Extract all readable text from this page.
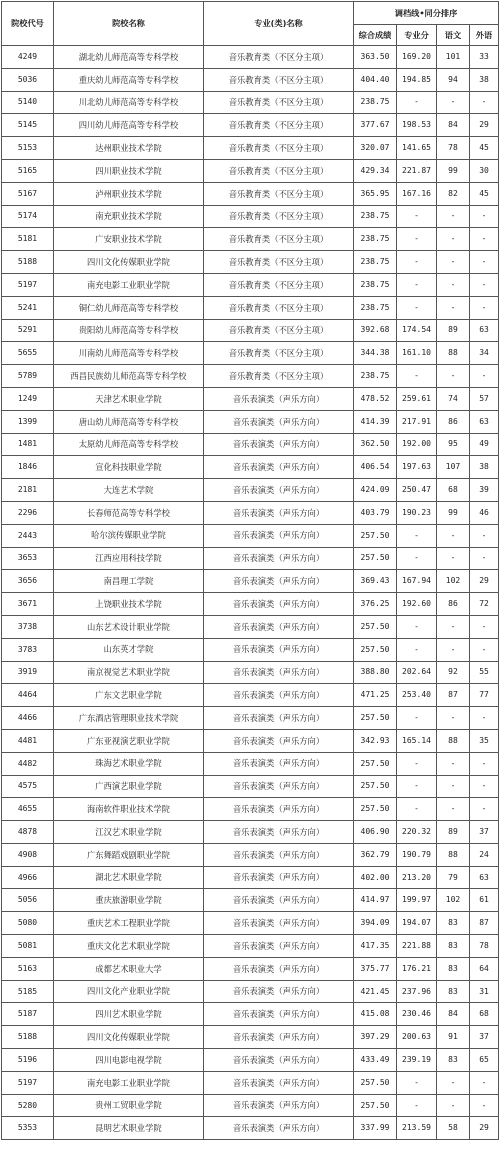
院校代号	院校名称	专业(类)名称	调档线•同分排序			
			综合成绩	专业分	语文	外语
4249	湖北幼儿师范高等专科学校	音乐教育类（不区分主项）	363.50	169.20	101	33
5036	重庆幼儿师范高等专科学校	音乐教育类（不区分主项）	404.40	194.85	94	38
5140	川北幼儿师范高等专科学校	音乐教育类（不区分主项）	238.75	-	-	-
5145	四川幼儿师范高等专科学校	音乐教育类（不区分主项）	377.67	198.53	84	29
5153	达州职业技术学院	音乐教育类（不区分主项）	320.07	141.65	78	45
5165	四川职业技术学院	音乐教育类（不区分主项）	429.34	221.87	99	30
5167	泸州职业技术学院	音乐教育类（不区分主项）	365.95	167.16	82	45
5174	南充职业技术学院	音乐教育类（不区分主项）	238.75	-	-	-
5181	广安职业技术学院	音乐教育类（不区分主项）	238.75	-	-	-
5188	四川文化传媒职业学院	音乐教育类（不区分主项）	238.75	-	-	-
5197	南充电影工业职业学院	音乐教育类（不区分主项）	238.75	-	-	-
5241	铜仁幼儿师范高等专科学校	音乐教育类（不区分主项）	238.75	-	-	-
5291	贵阳幼儿师范高等专科学校	音乐教育类（不区分主项）	392.68	174.54	89	63
5655	川南幼儿师范高等专科学校	音乐教育类（不区分主项）	344.38	161.10	88	34
5789	西昌民族幼儿师范高等专科学校	音乐教育类（不区分主项）	238.75	-	-	-
1249	天津艺术职业学院	音乐表演类（声乐方向）	478.52	259.61	74	57
1399	唐山幼儿师范高等专科学校	音乐表演类（声乐方向）	414.39	217.91	86	63
1481	太原幼儿师范高等专科学校	音乐表演类（声乐方向）	362.50	192.00	95	49
1846	宣化科技职业学院	音乐表演类（声乐方向）	406.54	197.63	107	38
2181	大连艺术学院	音乐表演类（声乐方向）	424.09	250.47	68	39
2296	长春师范高等专科学校	音乐表演类（声乐方向）	403.79	190.23	99	46
2443	哈尔滨传媒职业学院	音乐表演类（声乐方向）	257.50	-	-	-
3653	江西应用科技学院	音乐表演类（声乐方向）	257.50	-	-	-
3656	南昌理工学院	音乐表演类（声乐方向）	369.43	167.94	102	29
3671	上饶职业技术学院	音乐表演类（声乐方向）	376.25	192.60	86	72
3738	山东艺术设计职业学院	音乐表演类（声乐方向）	257.50	-	-	-
3783	山东英才学院	音乐表演类（声乐方向）	257.50	-	-	-
3919	南京视觉艺术职业学院	音乐表演类（声乐方向）	388.80	202.64	92	55
4464	广东文艺职业学院	音乐表演类（声乐方向）	471.25	253.40	87	77
4466	广东酒店管理职业技术学院	音乐表演类（声乐方向）	257.50	-	-	-
4481	广东亚视演艺职业学院	音乐表演类（声乐方向）	342.93	165.14	88	35
4482	珠海艺术职业学院	音乐表演类（声乐方向）	257.50	-	-	-
4575	广西演艺职业学院	音乐表演类（声乐方向）	257.50	-	-	-
4655	海南软件职业技术学院	音乐表演类（声乐方向）	257.50	-	-	-
4878	江汉艺术职业学院	音乐表演类（声乐方向）	406.90	220.32	89	37
4908	广东舞蹈戏剧职业学院	音乐表演类（声乐方向）	362.79	190.79	88	24
4966	湖北艺术职业学院	音乐表演类（声乐方向）	402.00	213.20	79	63
5056	重庆旅游职业学院	音乐表演类（声乐方向）	414.97	199.97	102	61
5080	重庆艺术工程职业学院	音乐表演类（声乐方向）	394.09	194.07	83	87
5081	重庆文化艺术职业学院	音乐表演类（声乐方向）	417.35	221.88	83	78
5163	成都艺术职业大学	音乐表演类（声乐方向）	375.77	176.21	83	64
5185	四川文化产业职业学院	音乐表演类（声乐方向）	421.45	237.96	83	31
5187	四川艺术职业学院	音乐表演类（声乐方向）	415.08	230.46	84	68
5188	四川文化传媒职业学院	音乐表演类（声乐方向）	397.29	200.63	91	37
5196	四川电影电视学院	音乐表演类（声乐方向）	433.49	239.19	83	65
5197	南充电影工业职业学院	音乐表演类（声乐方向）	257.50	-	-	-
5280	贵州工贸职业学院	音乐表演类（声乐方向）	257.50	-	-	-
5353	昆明艺术职业学院	音乐表演类（声乐方向）	337.99	213.59	58	29
